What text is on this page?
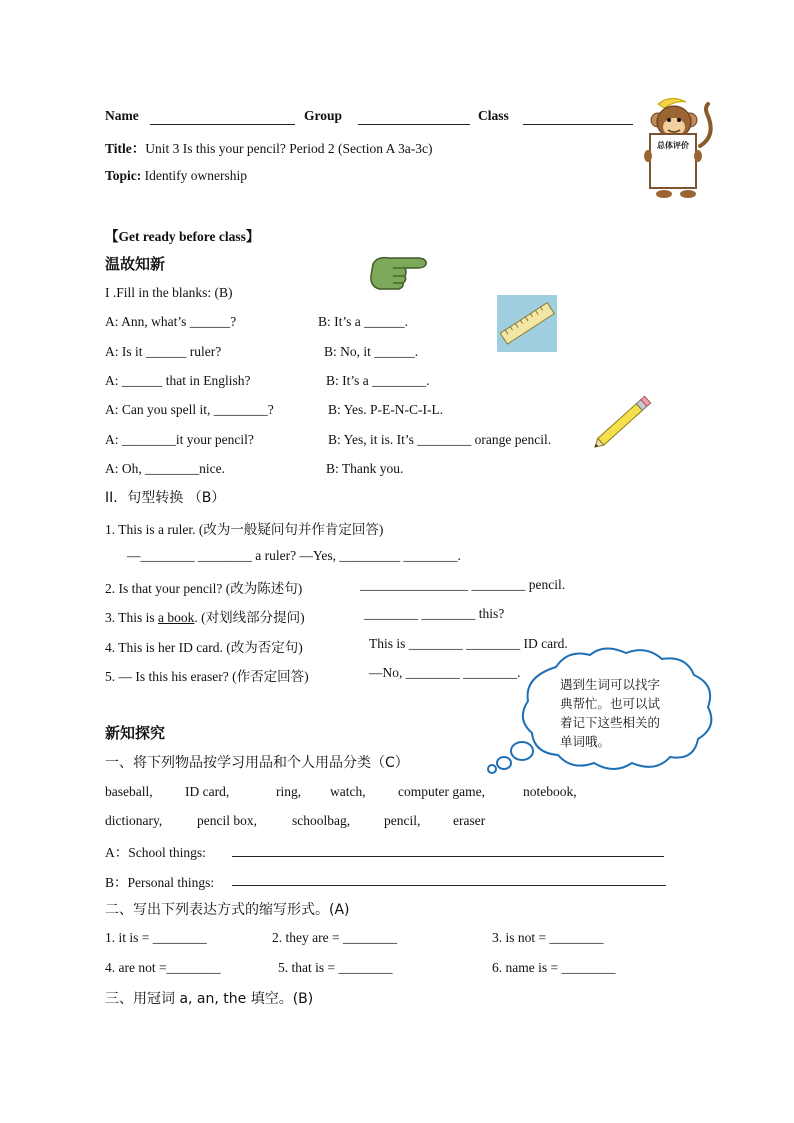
Name	Group	Class
Title：Unit 3 Is this your pencil? Period 2 (Section A 3a-3c)
Topic: Identify ownership
总体评价
【Get ready before class】
温故知新
I .Fill in the blanks: (B)
A: Ann, what’s ______?	B: It’s a ______.
A: Is it ______ ruler?	B: No, it ______.
A: ______ that in English?	B: It’s a ________.
A: Can you spell it, ________?	B: Yes. P-E-N-C-I-L.
A: ________it your pencil?	B: Yes, it is. It’s ________ orange pencil.
A: Oh, ________nice.	B: Thank you.
II．句型转换 （B）
1. This is a ruler. (改为一般疑问句并作肯定回答)
—________ ________ a ruler? —Yes, _________ ________.
2. Is that your pencil? (改为陈述句)	________________ ________ pencil.
3. This is a book. (对划线部分提问)	________ ________ this?
4. This is her ID card. (改为否定句)	This is ________ ________ ID card.
5. — Is this his eraser? (作否定回答)	—No, ________ ________.
遇到生词可以找字典帮忙。也可以试着记下这些相关的单词哦。
新知探究
一、将下列物品按学习用品和个人用品分类（C）
baseball, ID card,	ring, watch, computer game,	notebook,
dictionary,	pencil box,	schoolbag,	pencil, eraser
A：School things:
B：Personal things:
二、写出下列表达方式的缩写形式。(A)
1. it is = ________	2. they are = ________	3. is not = ________
4. are not =________	5. that is = ________	6. name is = ________
三、用冠词 a, an, the 填空。(B)
